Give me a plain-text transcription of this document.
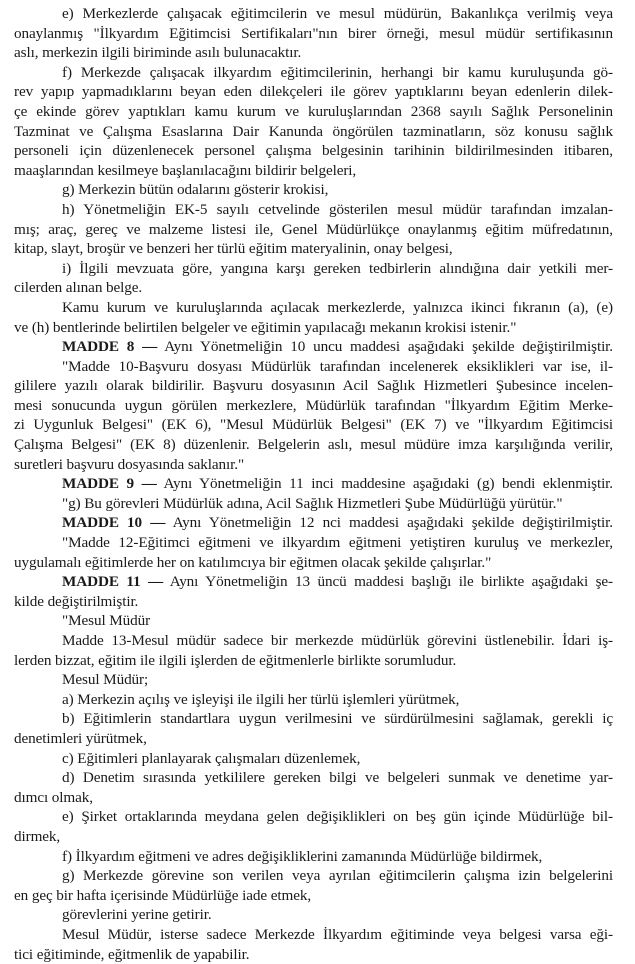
e) Merkezlerde çalışacak eğitimcilerin ve mesul müdürün, Bakanlıkça verilmiş veya
onaylanmış "İlkyardım Eğitimcisi Sertifikaları"nın birer örneği, mesul müdür sertifikasının
aslı, merkezin ilgili biriminde asılı bulunacaktır.
f) Merkezde çalışacak ilkyardım eğitimcilerinin, herhangi bir kamu kuruluşunda gö-
rev yapıp yapmadıklarını beyan eden dilekçeleri ile görev yaptıklarını beyan edenlerin dilek-
çe ekinde görev yaptıkları kamu kurum ve kuruluşlarından 2368 sayılı Sağlık Personelinin
Tazminat ve Çalışma Esaslarına Dair Kanunda öngörülen tazminatların, söz konusu sağlık
personeli için düzenlenecek personel çalışma belgesinin tarihinin bildirilmesinden itibaren,
maaşlarından kesilmeye başlanılacağını bildirir belgeleri,
g) Merkezin bütün odalarını gösterir krokisi,
h) Yönetmeliğin EK-5 sayılı cetvelinde gösterilen mesul müdür tarafından imzalan-
mış; araç, gereç ve malzeme listesi ile, Genel Müdürlükçe onaylanmış eğitim müfredatının,
kitap, slayt, broşür ve benzeri her türlü eğitim materyalinin, onay belgesi,
i) İlgili mevzuata göre, yangına karşı gereken tedbirlerin alındığına dair yetkili mer-
cilerden alınan belge.
Kamu kurum ve kuruluşlarında açılacak merkezlerde, yalnızca ikinci fıkranın (a), (e)
ve (h) bentlerinde belirtilen belgeler ve eğitimin yapılacağı mekanın krokisi istenir."
MADDE 8 — Aynı Yönetmeliğin 10 uncu maddesi aşağıdaki şekilde değiştirilmiştir.
"Madde 10-Başvuru dosyası Müdürlük tarafından incelenerek eksiklikleri var ise, il-
gililere yazılı olarak bildirilir. Başvuru dosyasının Acil Sağlık Hizmetleri Şubesince incelen-
mesi sonucunda uygun görülen merkezlere, Müdürlük tarafından "İlkyardım Eğitim Merke-
zi Uygunluk Belgesi" (EK 6), "Mesul Müdürlük Belgesi" (EK 7) ve "İlkyardım Eğitimcisi
Çalışma Belgesi" (EK 8) düzenlenir. Belgelerin aslı, mesul müdüre imza karşılığında verilir,
suretleri başvuru dosyasında saklanır."
MADDE 9 — Aynı Yönetmeliğin 11 inci maddesine aşağıdaki (g) bendi eklenmiştir.
"g) Bu görevleri Müdürlük adına, Acil Sağlık Hizmetleri Şube Müdürlüğü yürütür."
MADDE 10 — Aynı Yönetmeliğin 12 nci maddesi aşağıdaki şekilde değiştirilmiştir.
"Madde 12-Eğitimci eğitmeni ve ilkyardım eğitmeni yetiştiren kuruluş ve merkezler,
uygulamalı eğitimlerde her on katılımcıya bir eğitmen olacak şekilde çalışırlar."
MADDE 11 — Aynı Yönetmeliğin 13 üncü maddesi başlığı ile birlikte aşağıdaki şe-
kilde değiştirilmiştir.
"Mesul Müdür
Madde 13-Mesul müdür sadece bir merkezde müdürlük görevini üstlenebilir. İdari iş-
lerden bizzat, eğitim ile ilgili işlerden de eğitmenlerle birlikte sorumludur.
Mesul Müdür;
a) Merkezin açılış ve işleyişi ile ilgili her türlü işlemleri yürütmek,
b) Eğitimlerin standartlara uygun verilmesini ve sürdürülmesini sağlamak, gerekli iç
denetimleri yürütmek,
c) Eğitimleri planlayarak çalışmaları düzenlemek,
d) Denetim sırasında yetkililere gereken bilgi ve belgeleri sunmak ve denetime yar-
dımcı olmak,
e) Şirket ortaklarında meydana gelen değişiklikleri on beş gün içinde Müdürlüğe bil-
dirmek,
f) İlkyardım eğitmeni ve adres değişikliklerini zamanında Müdürlüğe bildirmek,
g) Merkezde görevine son verilen veya ayrılan eğitimcilerin çalışma izin belgelerini
en geç bir hafta içerisinde Müdürlüğe iade etmek,
görevlerini yerine getirir.
Mesul Müdür, isterse sadece Merkezde İlkyardım eğitiminde veya belgesi varsa eği-
tici eğitiminde, eğitmenlik de yapabilir.
